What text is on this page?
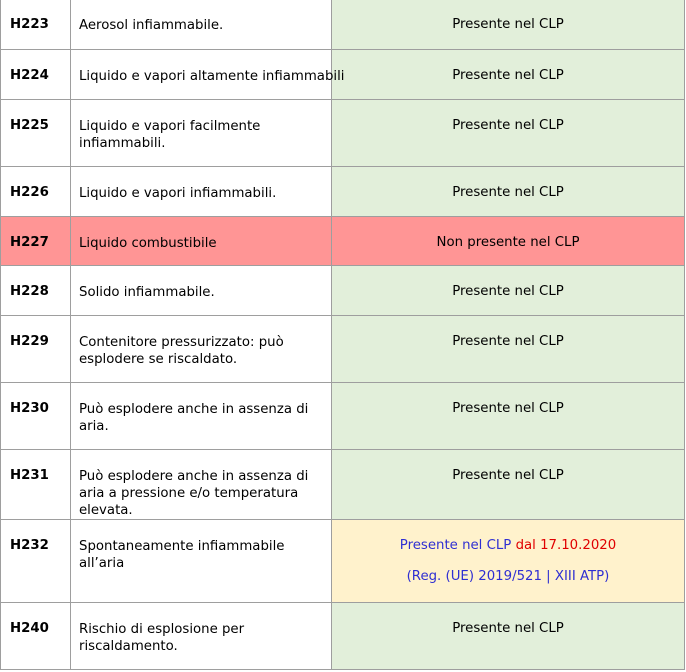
H223	Aerosol infiammabile.	Presente nel CLP
H224	Liquido e vapori altamente infiammabili	Presente nel CLP
H225	Liquido e vapori facilmente infiammabili.	Presente nel CLP
H226	Liquido e vapori infiammabili.	Presente nel CLP
H227	Liquido combustibile	Non presente nel CLP
H228	Solido infiammabile.	Presente nel CLP
H229	Contenitore pressurizzato: può esplodere se riscaldato.	Presente nel CLP
H230	Può esplodere anche in assenza di aria.	Presente nel CLP
H231	Può esplodere anche in assenza di aria a pressione e/o temperatura elevata.	Presente nel CLP
H232	Spontaneamente infiammabile all’aria	Presente nel CLP dal 17.10.2020
(Reg. (UE) 2019/521 | XIII ATP)

H240	Rischio di esplosione per riscaldamento.	Presente nel CLP
